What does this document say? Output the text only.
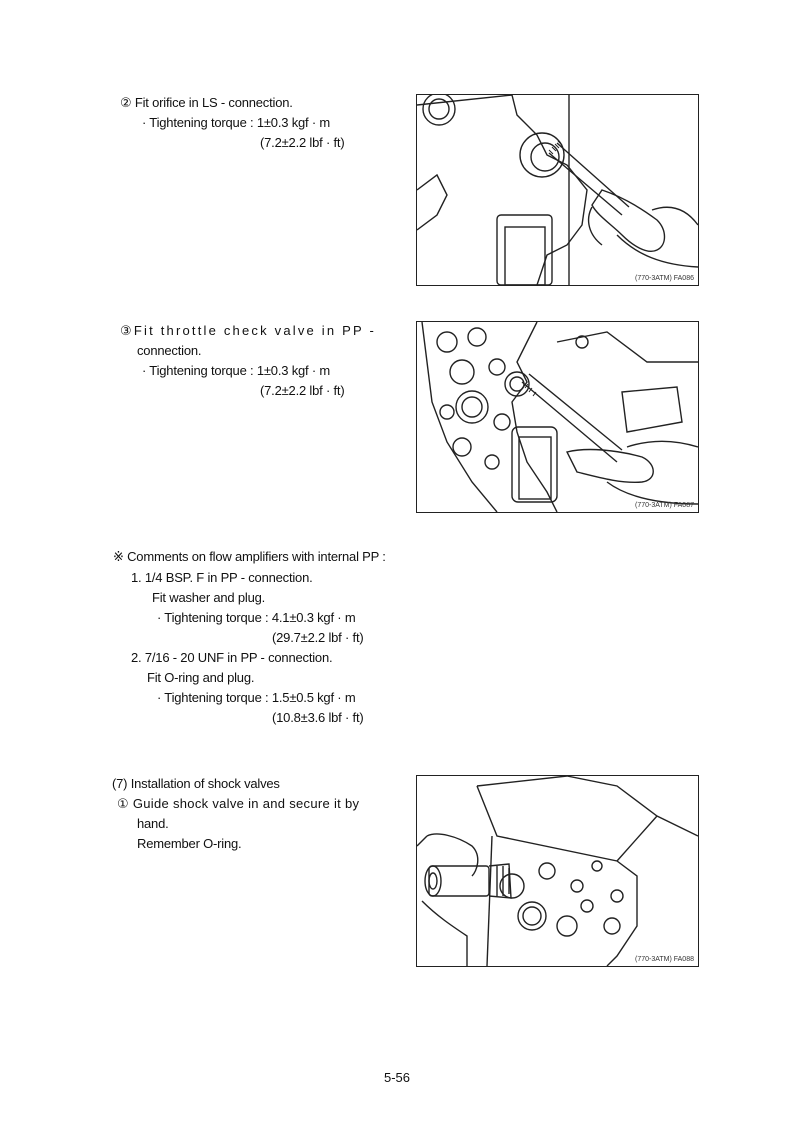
② Fit orifice in LS - connection.
· Tightening torque : 1±0.3 kgf · m
(7.2±2.2 lbf · ft)
(770-3ATM) FA086
③Fit throttle check valve in PP -
connection.
· Tightening torque : 1±0.3 kgf · m
(7.2±2.2 lbf · ft)
(770-3ATM) FA087
※ Comments on flow amplifiers with internal PP :
1. 1/4 BSP. F in PP - connection.
Fit washer and plug.
· Tightening torque : 4.1±0.3 kgf · m
(29.7±2.2 lbf · ft)
2. 7/16 - 20 UNF in PP - connection.
Fit O-ring and plug.
· Tightening torque : 1.5±0.5 kgf · m
(10.8±3.6 lbf · ft)
(7) Installation of shock valves
① Guide shock valve in and secure it by
hand.
Remember O-ring.
(770-3ATM) FA088
5-56
